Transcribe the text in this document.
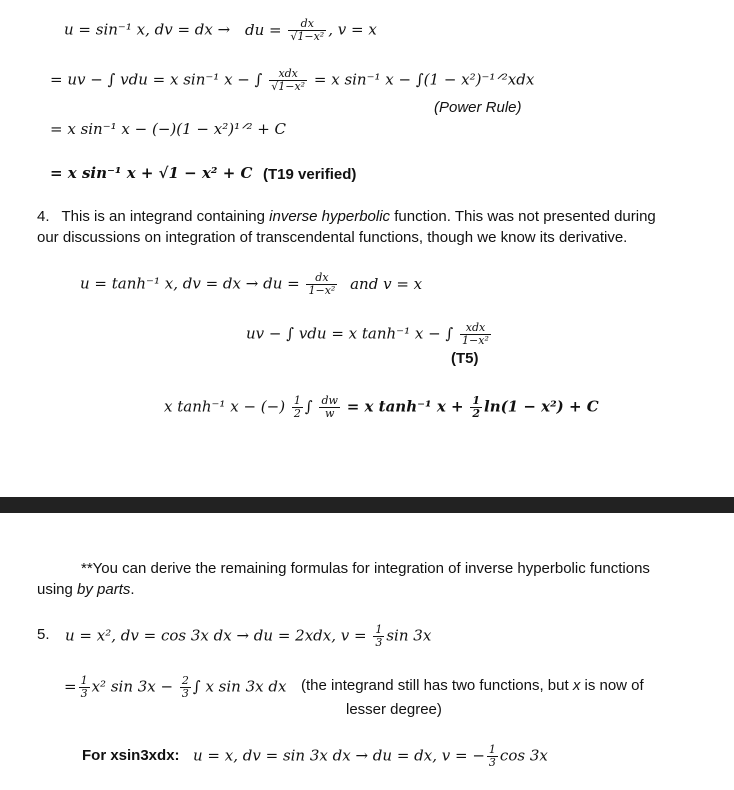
u = sin⁻¹ x, dv = dx → du = $\frac{dx}{\text{√1−x²}}$ , v = x
= uv − ∫ vdu = x sin⁻¹ x − ∫ $\frac{\text{xdx}}{\text{√1−x²}} = x$ sin⁻¹ x − ∫(1 − x²)⁻¹ᐟ²xdx
(Power Rule)
= x sin⁻¹ x − (−)(1 − x²)¹ᐟ² + C
= x sin⁻¹ x + √1 − x² + C (T19 verified)
4. This is an integrand containing inverse hyperbolic function. This was not presented during
our discussions on integration of transcendental functions, though we know its derivative.
u = tanh⁻¹ x, dv = dx → du = $\frac{dx}{\text{1−x²}}$ and v = x
uv − ∫ vdu = x tanh⁻¹ x − ∫ $\frac{\text{xdx}}{\text{1−x²}}$
(T5)
x tanh⁻¹ x − (−) $\frac{1}{2}$ ∫ $\frac{dw}{w} = x$ tanh⁻¹ $x + \frac{1}{2} \ln(1 - x^2) + C$
**You can derive the remaining formulas for integration of inverse hyperbolic functions
using by parts.
5. u = x², dv = cos 3x dx → du = 2xdx, $v = \frac{1}{3}$ sin 3x
= $\frac{1}{3} x^2$ $\sin 3x - \frac{2}{3}$ ∫ x sin 3x dx (the integrand still has two functions, but x is now of
lesser degree)
For xsin3xdx: u = x, dv = sin 3x dx → du = dx, v = − $\frac{1}{3}$ cos 3x
